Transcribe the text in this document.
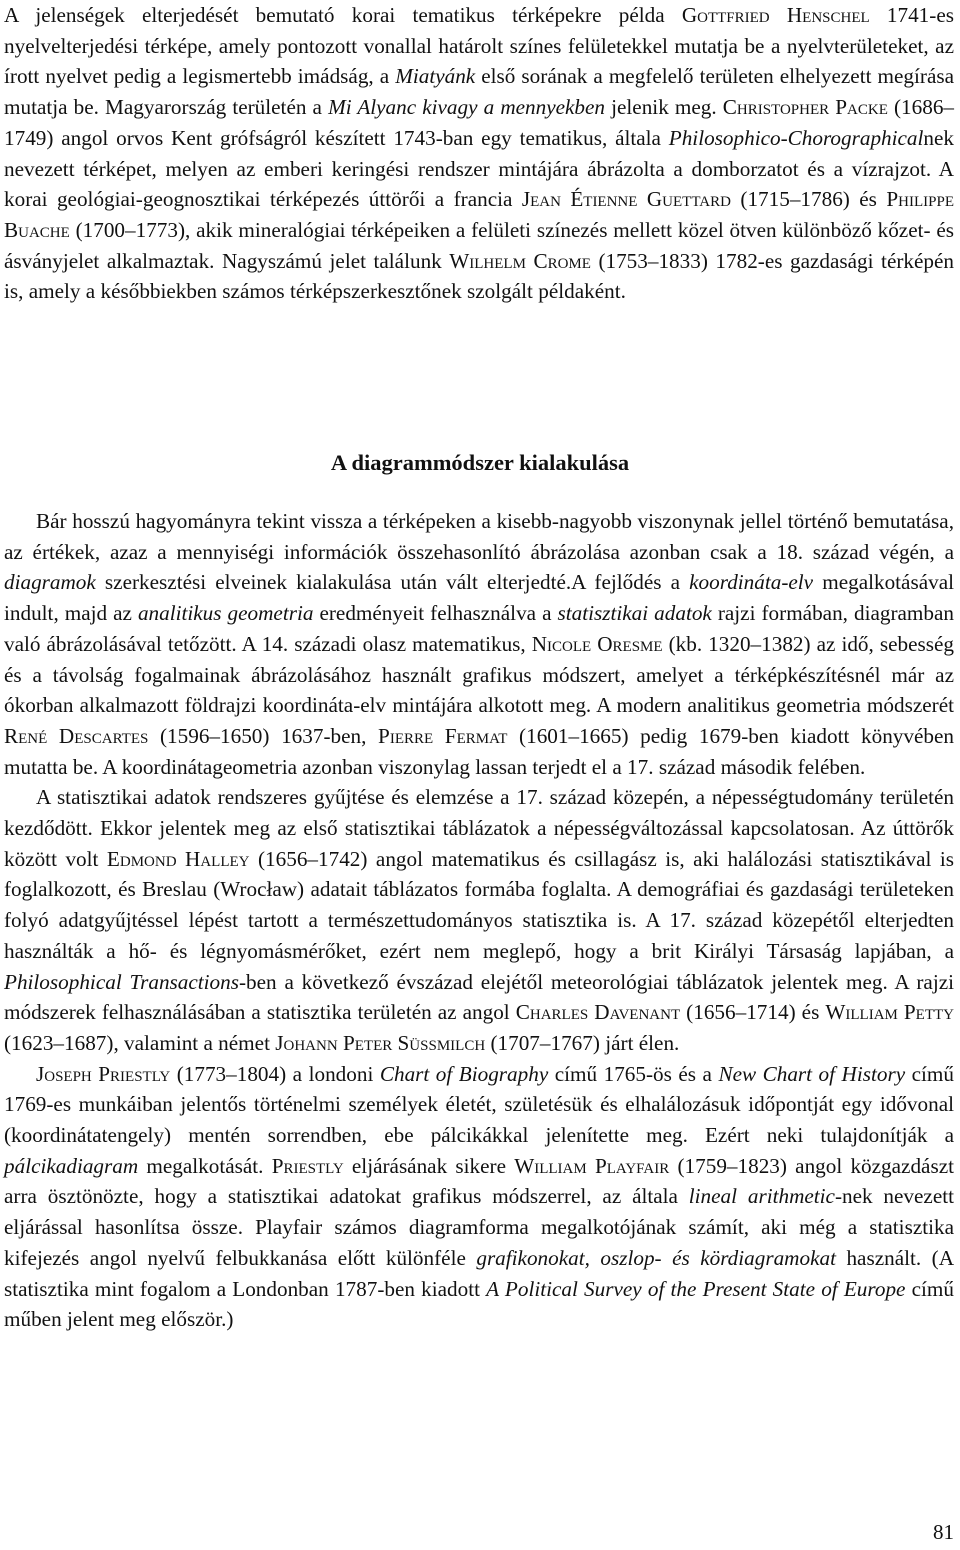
A jelenségek elterjedését bemutató korai tematikus térképekre példa Gottfried Henschel 1741-es nyelvelterjedési térképe, amely pontozott vonallal határolt színes felületekkel mutatja be a nyelvterületeket, az írott nyelvet pedig a legismertebb imádság, a Miatyánk első sorának a megfelelő területen elhelyezett megírása mutatja be. Magyarország területén a Mi Alyanc kivagy a mennyekben jelenik meg. Christopher Packe (1686–1749) angol orvos Kent grófságról készített 1743-ban egy tematikus, általa Philosophico-Chorographicalnek nevezett térképet, melyen az emberi keringési rendszer mintájára ábrázolta a domborzatot és a vízrajzot. A korai geológiai-geognosztikai térképezés úttörői a francia Jean Étienne Guettard (1715–1786) és Philippe Buache (1700–1773), akik mineralógiai térképeiken a felületi színezés mellett közel ötven különböző kőzet- és ásványjelet alkalmaztak. Nagyszámú jelet találunk Wilhelm Crome (1753–1833) 1782-es gazdasági térképén is, amely a későbbiekben számos térképszerkesztőnek szolgált példaként.

A diagrammódszer kialakulása

Bár hosszú hagyományra tekint vissza a térképeken a kisebb-nagyobb viszonynak jellel történő bemutatása, az értékek, azaz a mennyiségi információk összehasonlító ábrázolása azonban csak a 18. század végén, a diagramok szerkesztési elveinek kialakulása után vált elterjedté.A fejlődés a koordináta-elv megalkotásával indult, majd az analitikus geometria eredményeit felhasználva a statisztikai adatok rajzi formában, diagramban való ábrázolásával tetőzött. A 14. századi olasz matematikus, Nicole Oresme (kb. 1320–1382) az idő, sebesség és a távolság fogalmainak ábrázolásához használt grafikus módszert, amelyet a térképkészítésnél már az ókorban alkalmazott földrajzi koordináta-elv mintájára alkotott meg. A modern analitikus geometria módszerét René Descartes (1596–1650) 1637-ben, Pierre Fermat (1601–1665) pedig 1679-ben kiadott könyvében mutatta be. A koordinátageometria azonban viszonylag lassan terjedt el a 17. század második felében.

A statisztikai adatok rendszeres gyűjtése és elemzése a 17. század közepén, a népességtudomány területén kezdődött. Ekkor jelentek meg az első statisztikai táblázatok a népességváltozással kapcsolatosan. Az úttörők között volt Edmond Halley (1656–1742) angol matematikus és csillagász is, aki halálozási statisztikával is foglalkozott, és Breslau (Wrocław) adatait táblázatos formába foglalta. A demográfiai és gazdasági területeken folyó adatgyűjtéssel lépést tartott a természettudományos statisztika is. A 17. század közepétől elterjedten használták a hő- és légnyomásmérőket, ezért nem meglepő, hogy a brit Királyi Társaság lapjában, a Philosophical Transactions-ben a következő évszázad elejétől meteorológiai táblázatok jelentek meg. A rajzi módszerek felhasználásában a statisztika területén az angol Charles Davenant (1656–1714) és William Petty (1623–1687), valamint a német Johann Peter Süssmilch (1707–1767) járt élen.

Joseph Priestly (1773–1804) a londoni Chart of Biography című 1765-ös és a New Chart of History című 1769-es munkáiban jelentős történelmi személyek életét, születésük és elhalálozásuk időpontját egy idővonal (koordinátatengely) mentén sorrendben, ebe pálcikákkal jelenítette meg. Ezért neki tulajdonítják a pálcikadiagram megalkotását. Priestly eljárásának sikere William Playfair (1759–1823) angol közgazdászt arra ösztönözte, hogy a statisztikai adatokat grafikus módszerrel, az általa lineal arithmetic-nek nevezett eljárással hasonlítsa össze. Playfair számos diagramforma megalkotójának számít, aki még a statisztika kifejezés angol nyelvű felbukkanása előtt különféle grafikonokat, oszlop- és kördiagramokat használt. (A statisztika mint fogalom a Londonban 1787-ben kiadott A Political Survey of the Present State of Europe című műben jelent meg először.)

81
